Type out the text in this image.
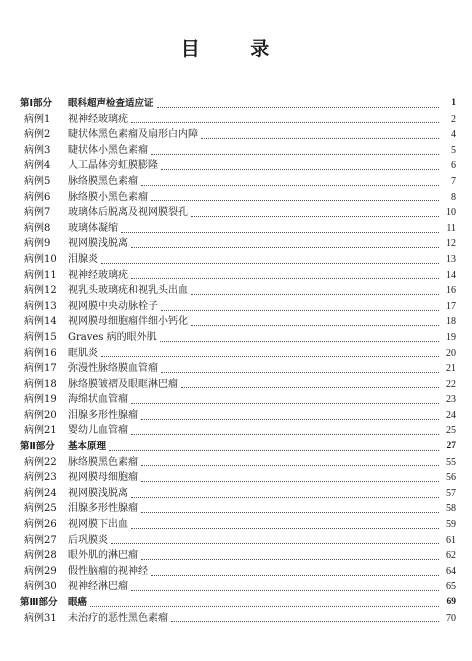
目 录
第Ⅰ部分	眼科超声检查适应证	1
病例1	视神经玻璃疣	2
病例2	睫状体黑色素瘤及扇形白内障	4
病例3	睫状体小黑色素瘤	5
病例4	人工晶体旁虹膜膨隆	6
病例5	脉络膜黑色素瘤	7
病例6	脉络膜小黑色素瘤	8
病例7	玻璃体后脱离及视网膜裂孔	10
病例8	玻璃体凝缩	11
病例9	视网膜浅脱离	12
病例10	泪腺炎	13
病例11	视神经玻璃疣	14
病例12	视乳头玻璃疣和视乳头出血	16
病例13	视网膜中央动脉栓子	17
病例14	视网膜母细胞瘤伴细小钙化	18
病例15	Graves 病的眼外肌	19
病例16	眶肌炎	20
病例17	弥漫性脉络膜血管瘤	21
病例18	脉络膜皱褶及眼眶淋巴瘤	22
病例19	海绵状血管瘤	23
病例20	泪腺多形性腺瘤	24
病例21	婴幼儿血管瘤	25
第Ⅱ部分	基本原理	27
病例22	脉络膜黑色素瘤	55
病例23	视网膜母细胞瘤	56
病例24	视网膜浅脱离	57
病例25	泪腺多形性腺瘤	58
病例26	视网膜下出血	59
病例27	后巩膜炎	61
病例28	眼外肌的淋巴瘤	62
病例29	假性脑瘤的视神经	64
病例30	视神经淋巴瘤	65
第Ⅲ部分	眼癌	69
病例31	未治疗的恶性黑色素瘤	70
